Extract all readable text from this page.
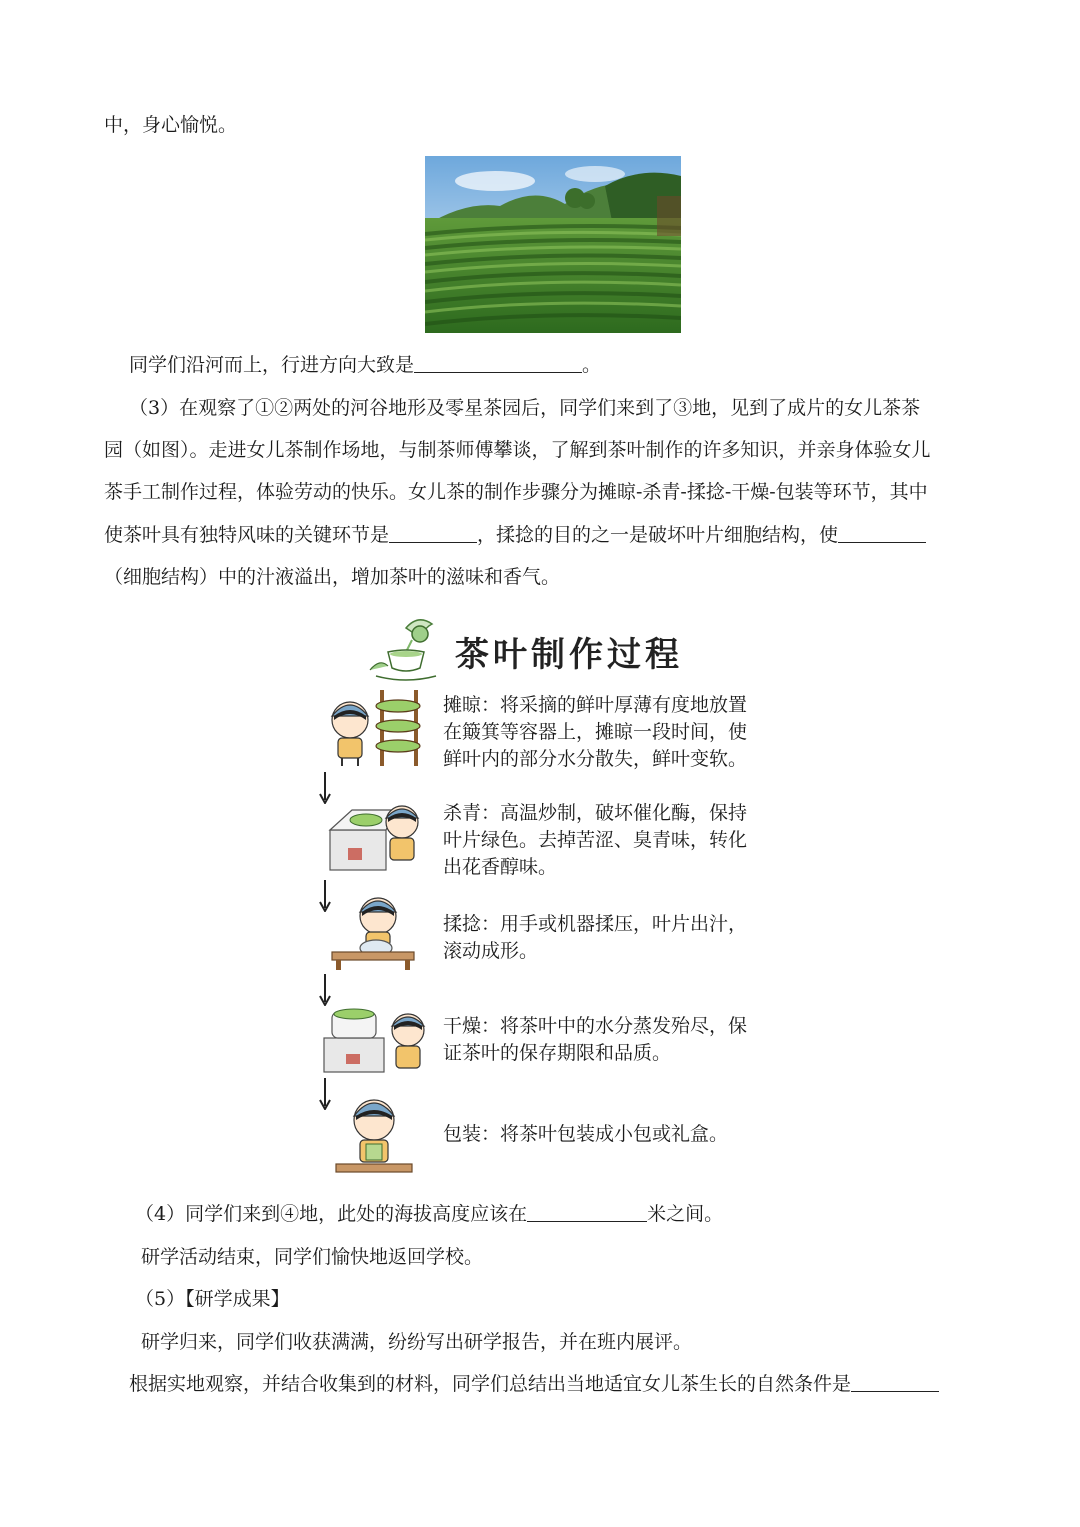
中，身心愉悦。
同学们沿河而上，行进方向大致是	。
（3）在观察了①②两处的河谷地形及零星茶园后，同学们来到了③地，见到了成片的女儿茶茶
园（如图）。走进女儿茶制作场地，与制茶师傅攀谈，了解到茶叶制作的许多知识，并亲身体验女儿
茶手工制作过程，体验劳动的快乐。女儿茶的制作步骤分为摊晾-杀青-揉捻-干燥-包装等环节，其中
使茶叶具有独特风味的关键环节是	，揉捻的目的之一是破坏叶片细胞结构，使
（细胞结构）中的汁液溢出，增加茶叶的滋味和香气。
茶叶制作过程
摊晾：将采摘的鲜叶厚薄有度地放置
在簸箕等容器上，摊晾一段时间，使
鲜叶内的部分水分散失，鲜叶变软。
杀青：高温炒制，破坏催化酶，保持
叶片绿色。去掉苦涩、臭青味，转化
出花香醇味。
揉捻：用手或机器揉压，叶片出汁，
滚动成形。
干燥：将茶叶中的水分蒸发殆尽，保
证茶叶的保存期限和品质。
包装：将茶叶包装成小包或礼盒。
（4）同学们来到④地，此处的海拔高度应该在	米之间。
研学活动结束，同学们愉快地返回学校。
（5）【研学成果】
研学归来，同学们收获满满，纷纷写出研学报告，并在班内展评。
根据实地观察，并结合收集到的材料，同学们总结出当地适宜女儿茶生长的自然条件是
